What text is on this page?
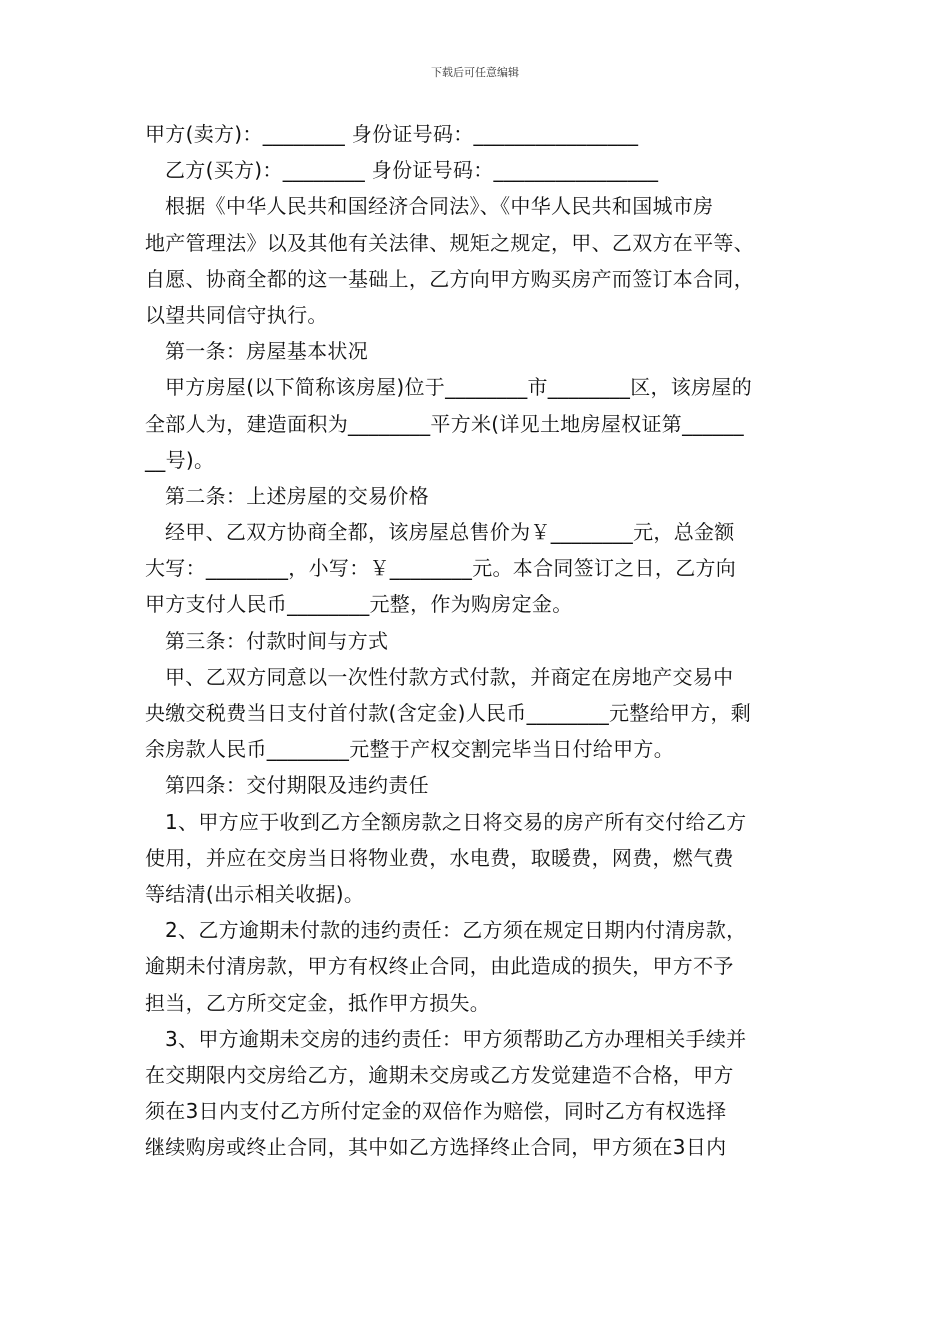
下载后可任意编辑
甲方(卖方)：________ 身份证号码：________________
乙方(买方)：________ 身份证号码：________________
根据《中华人民共和国经济合同法》、《中华人民共和国城市房
地产管理法》以及其他有关法律、规矩之规定，甲、乙双方在平等、
自愿、协商全都的这一基础上，乙方向甲方购买房产而签订本合同，
以望共同信守执行。
第一条：房屋基本状况
甲方房屋(以下简称该房屋)位于________市________区，该房屋的
全部人为，建造面积为________平方米(详见土地房屋权证第______
__号)。
第二条：上述房屋的交易价格
经甲、乙双方协商全都，该房屋总售价为￥________元，总金额
大写：________，小写：￥________元。本合同签订之日，乙方向
甲方支付人民币________元整，作为购房定金。
第三条：付款时间与方式
甲、乙双方同意以一次性付款方式付款，并商定在房地产交易中
央缴交税费当日支付首付款(含定金)人民币________元整给甲方，剩
余房款人民币________元整于产权交割完毕当日付给甲方。
第四条：交付期限及违约责任
1、甲方应于收到乙方全额房款之日将交易的房产所有交付给乙方
使用，并应在交房当日将物业费，水电费，取暖费，网费，燃气费
等结清(出示相关收据)。
2、乙方逾期未付款的违约责任：乙方须在规定日期内付清房款，
逾期未付清房款，甲方有权终止合同，由此造成的损失，甲方不予
担当，乙方所交定金，抵作甲方损失。
3、甲方逾期未交房的违约责任：甲方须帮助乙方办理相关手续并
在交期限内交房给乙方，逾期未交房或乙方发觉建造不合格，甲方
须在3日内支付乙方所付定金的双倍作为赔偿，同时乙方有权选择
继续购房或终止合同，其中如乙方选择终止合同，甲方须在3日内
